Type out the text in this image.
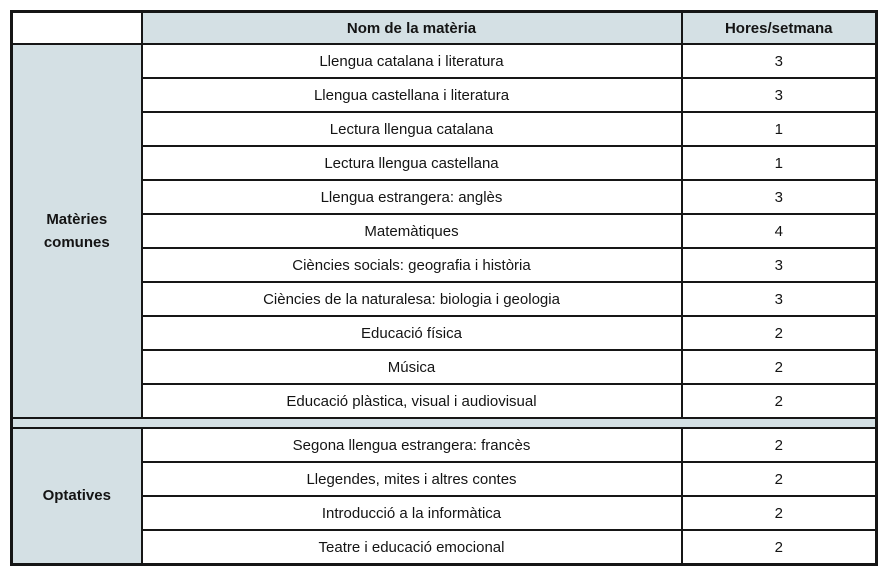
	Nom de la matèria	Hores/setmana
Matèries comunes	Llengua catalana i literatura	3
	Llengua castellana i literatura	3
	Lectura llengua catalana	1
	Lectura llengua castellana	1
	Llengua estrangera: anglès	3
	Matemàtiques	4
	Ciències socials: geografia i història	3
	Ciències de la naturalesa: biologia i geologia	3
	Educació física	2
	Música	2
	Educació plàstica, visual i audiovisual	2

Optatives	Segona llengua estrangera: francès	2
	Llegendes, mites i altres contes	2
	Introducció a la informàtica	2
	Teatre i educació emocional	2
